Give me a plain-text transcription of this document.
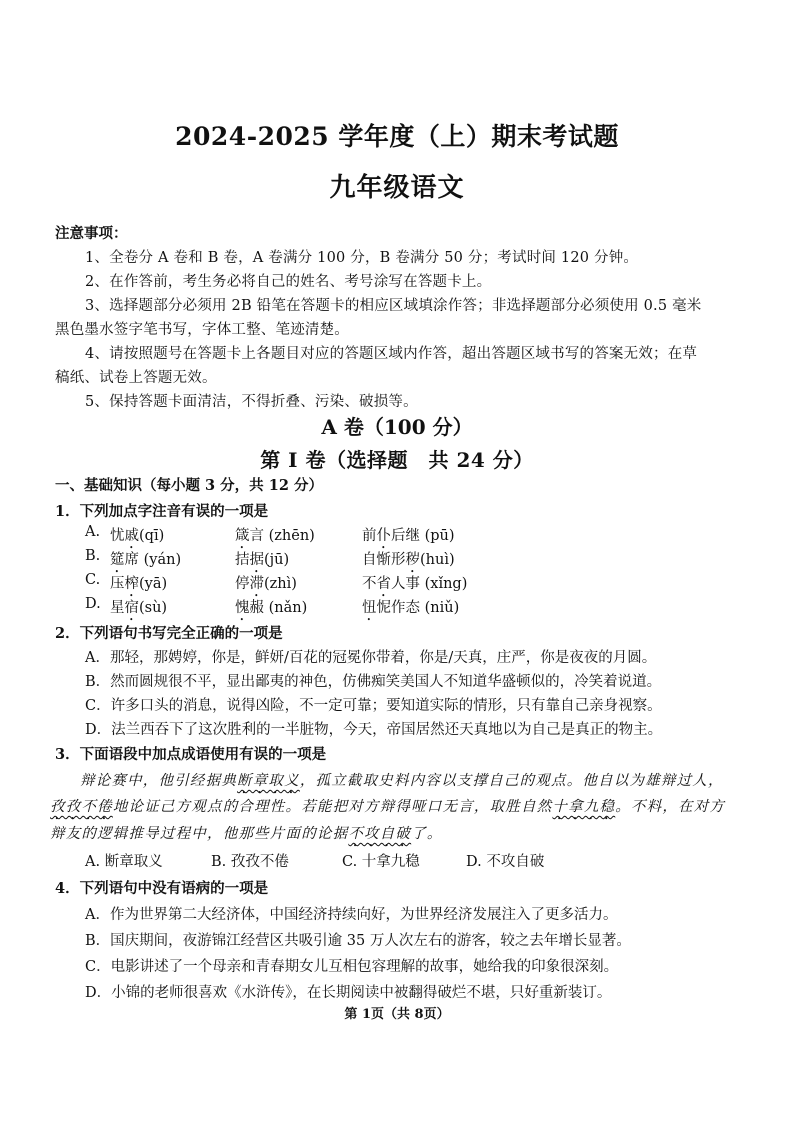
2024-2025 学年度（上）期末考试题
九年级语文
注意事项：
1、全卷分 A 卷和 B 卷，A 卷满分 100 分，B 卷满分 50 分；考试时间 120 分钟。
2、在作答前，考生务必将自己的姓名、考号涂写在答题卡上。
3、选择题部分必须用 2B 铅笔在答题卡的相应区域填涂作答；非选择题部分必须使用 0.5 毫米
黑色墨水签字笔书写，字体工整、笔迹清楚。
4、请按照题号在答题卡上各题目对应的答题区域内作答，超出答题区域书写的答案无效；在草
稿纸、试卷上答题无效。
5、保持答题卡面清洁，不得折叠、污染、破损等。
A 卷（100 分）
第 I 卷（选择题　共 24 分）
一、基础知识（每小题 3 分，共 12 分）
1．下列加点字注音有误的一项是
A. 忧戚(qī)	箴言 (zhēn)	前仆后继 (pū)
B. 筵席 (yán)	拮据(jū)	自惭形秽(huì)
C. 压榨(yā)	停滞(zhì)	不省人事 (xǐng)
D. 星宿(sù)	愧赧 (nǎn)	忸怩作态 (niǔ)
2．下列语句书写完全正确的一项是
A．那轻，那娉婷，你是，鲜妍/百花的冠冕你带着，你是/天真，庄严，你是夜夜的月圆。
B．然而圆规很不平，显出鄙夷的神色，仿佛痴笑美国人不知道华盛顿似的，冷笑着说道。
C．许多口头的消息，说得凶险，不一定可靠；要知道实际的情形，只有靠自己亲身视察。
D．法兰西吞下了这次胜利的一半脏物，今天，帝国居然还天真地以为自己是真正的物主。
3．下面语段中加点成语使用有误的一项是
辩论赛中，他引经据典断章取义，孤立截取史料内容以支撑自己的观点。他自以为雄辩过人，
孜孜不倦地论证己方观点的合理性。若能把对方辩得哑口无言，取胜自然十拿九稳。不料，在对方
辩友的逻辑推导过程中，他那些片面的论据不攻自破了。
A. 断章取义	B. 孜孜不倦	C. 十拿九稳	D. 不攻自破
4．下列语句中没有语病的一项是
A．作为世界第二大经济体，中国经济持续向好，为世界经济发展注入了更多活力。
B．国庆期间，夜游锦江经营区共吸引逾 35 万人次左右的游客，较之去年增长显著。
C．电影讲述了一个母亲和青春期女儿互相包容理解的故事，她给我的印象很深刻。
D．小锦的老师很喜欢《水浒传》，在长期阅读中被翻得破烂不堪，只好重新装订。
第 1页（共 8页）
